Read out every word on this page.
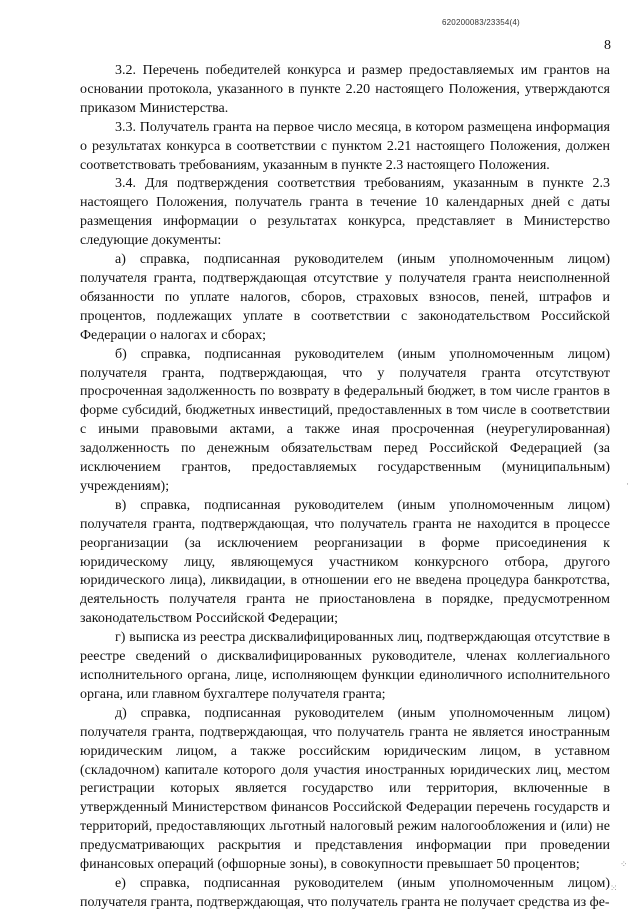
620200083/23354(4)
8

3.2. Перечень победителей конкурса и размер предоставляемых им грантов на основании протокола, указанного в пункте 2.20 настоящего Положения, утверждаются приказом Министерства.

3.3. Получатель гранта на первое число месяца, в котором размещена информация о результатах конкурса в соответствии с пунктом 2.21 настоящего Положения, должен соответствовать требованиям, указанным в пункте 2.3 настоящего Положения.

3.4. Для подтверждения соответствия требованиям, указанным в пункте 2.3 настоящего Положения, получатель гранта в течение 10 календарных дней с даты размещения информации о результатах конкурса, представляет в Министерство следующие документы:

а) справка, подписанная руководителем (иным уполномоченным лицом) получателя гранта, подтверждающая отсутствие у получателя гранта неисполненной обязанности по уплате налогов, сборов, страховых взносов, пеней, штрафов и процентов, подлежащих уплате в соответствии с законодательством Российской Федерации о налогах и сборах;

б) справка, подписанная руководителем (иным уполномоченным лицом) получателя гранта, подтверждающая, что у получателя гранта отсутствуют просроченная задолженность по возврату в федеральный бюджет, в том числе грантов в форме субсидий, бюджетных инвестиций, предоставленных в том числе в соответствии с иными правовыми актами, а также иная просроченная (неурегулированная) задолженность по денежным обязательствам перед Российской Федерацией (за исключением грантов, предоставляемых государственным (муниципальным) учреждениям);

в) справка, подписанная руководителем (иным уполномоченным лицом) получателя гранта, подтверждающая, что получатель гранта не находится в процессе реорганизации (за исключением реорганизации в форме присоединения к юридическому лицу, являющемуся участником конкурсного отбора, другого юридического лица), ликвидации, в отношении его не введена процедура банкротства, деятельность получателя гранта не приостановлена в порядке, предусмотренном законодательством Российской Федерации;

г) выписка из реестра дисквалифицированных лиц, подтверждающая отсутствие в реестре сведений о дисквалифицированных руководителе, членах коллегиального исполнительного органа, лице, исполняющем функции единоличного исполнительного органа, или главном бухгалтере получателя гранта;

д) справка, подписанная руководителем (иным уполномоченным лицом) получателя гранта, подтверждающая, что получатель гранта не является иностранным юридическим лицом, а также российским юридическим лицом, в уставном (складочном) капитале которого доля участия иностранных юридических лиц, местом регистрации которых является государство или территория, включенные в утвержденный Министерством финансов Российской Федерации перечень государств и территорий, предоставляющих льготный налоговый режим налогообложения и (или) не предусматривающих раскрытия и представления информации при проведении финансовых операций (офшорные зоны), в совокупности превышает 50 процентов;

е) справка, подписанная руководителем (иным уполномоченным лицом) получателя гранта, подтверждающая, что получатель гранта не получает средства из фе-

·
⁘
⁙
